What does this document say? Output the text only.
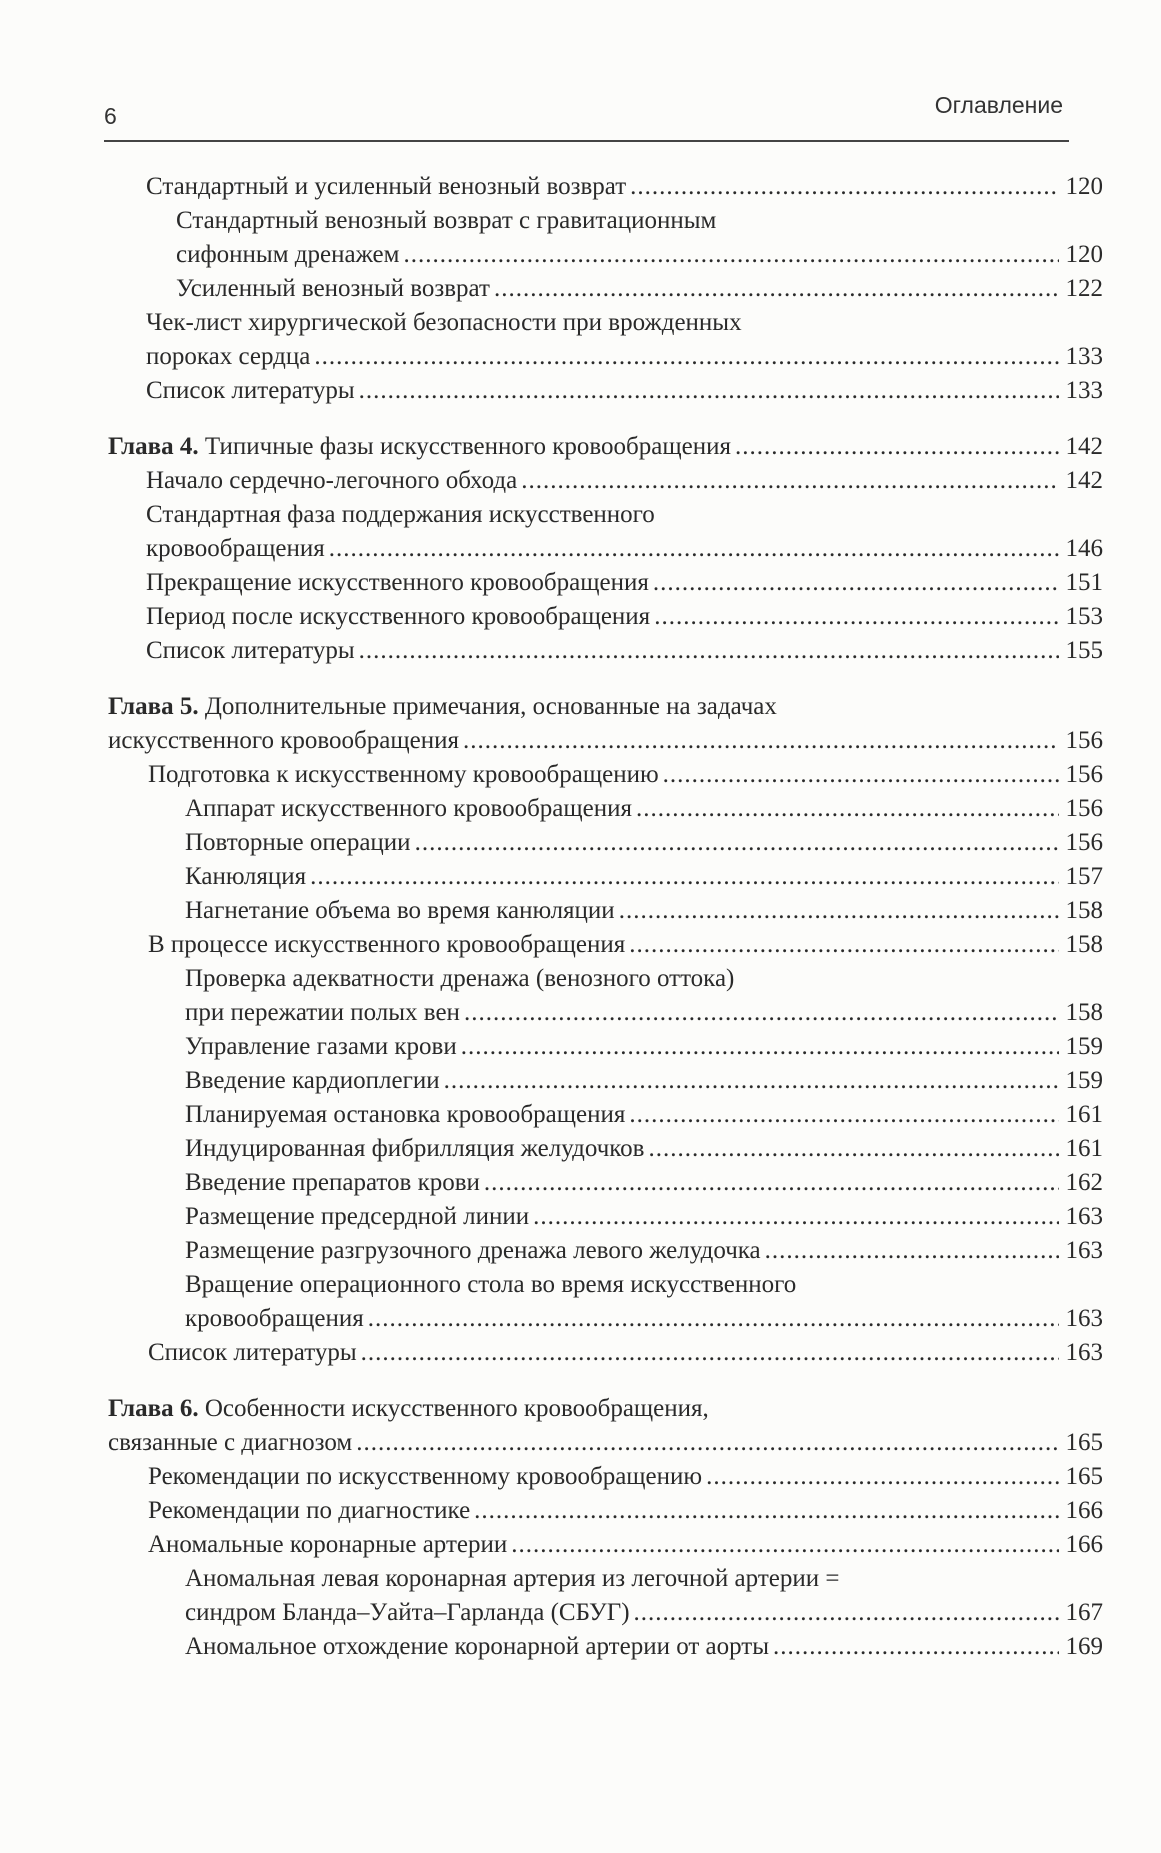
6	Оглавление
Стандартный и усиленный венозный возврат .....	120
Стандартный венозный возврат с гравитационным
сифонным дренажем .....	120
Усиленный венозный возврат .....	122
Чек-лист хирургической безопасности при врожденных
пороках сердца .....	133
Список литературы .....	133
Глава 4. Типичные фазы искусственного кровообращения .....	142
Начало сердечно-легочного обхода .....	142
Стандартная фаза поддержания искусственного
кровообращения .....	146
Прекращение искусственного кровообращения .....	151
Период после искусственного кровообращения .....	153
Список литературы .....	155
Глава 5. Дополнительные примечания, основанные на задачах
искусственного кровообращения .....	156
Подготовка к искусственному кровообращению .....	156
Аппарат искусственного кровообращения .....	156
Повторные операции .....	156
Канюляция .....	157
Нагнетание объема во время канюляции .....	158
В процессе искусственного кровообращения .....	158
Проверка адекватности дренажа (венозного оттока)
при пережатии полых вен .....	158
Управление газами крови .....	159
Введение кардиоплегии .....	159
Планируемая остановка кровообращения .....	161
Индуцированная фибрилляция желудочков .....	161
Введение препаратов крови .....	162
Размещение предсердной линии .....	163
Размещение разгрузочного дренажа левого желудочка .....	163
Вращение операционного стола во время искусственного
кровообращения .....	163
Список литературы .....	163
Глава 6. Особенности искусственного кровообращения,
связанные с диагнозом .....	165
Рекомендации по искусственному кровообращению .....	165
Рекомендации по диагностике .....	166
Аномальные коронарные артерии .....	166
Аномальная левая коронарная артерия из легочной артерии =
синдром Бланда–Уайта–Гарланда (СБУГ) .....	167
Аномальное отхождение коронарной артерии от аорты .....	169
